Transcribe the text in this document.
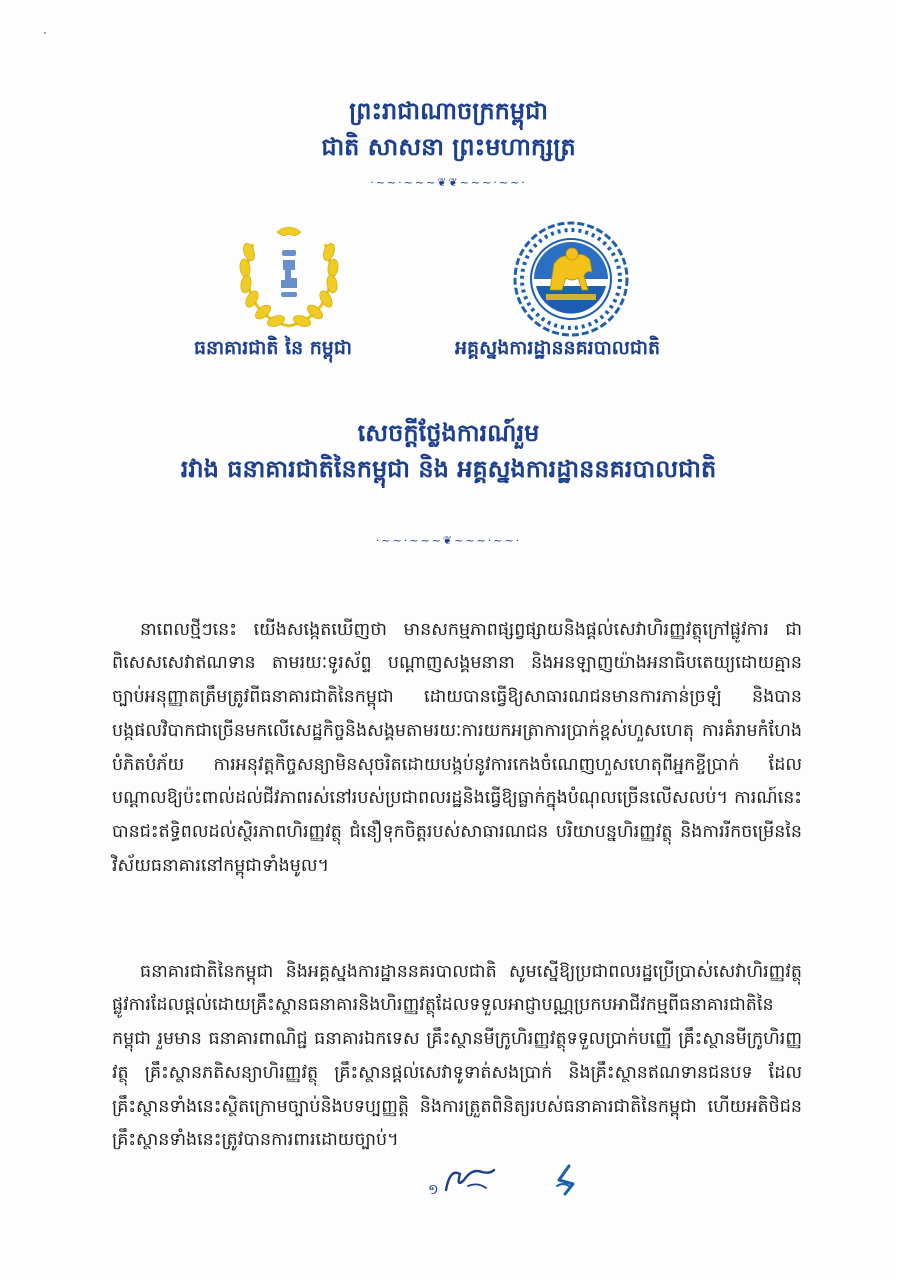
ព្រះរាជាណាចក្រកម្ពុជា
ជាតិ សាសនា ព្រះមហាក្សត្រ
·~~·~~~❦❦~~~·~~·
ធនាគារជាតិ នៃ កម្ពុជា	អគ្គស្នងការដ្ឋាននគរបាលជាតិ
សេចក្តីថ្លែងការណ៍រួម
រវាង ធនាគារជាតិនៃកម្ពុជា និង អគ្គស្នងការដ្ឋាននគរបាលជាតិ
·~~·~~~❦~~~·~~·

នាពេលថ្មីៗនេះ យើងសង្កេតឃើញថា មានសកម្មភាពផ្សព្វផ្សាយនិងផ្តល់សេវាហិរញ្ញវត្ថុក្រៅផ្លូវការ ជាពិសេសសេវាឥណទាន តាមរយៈទូរស័ព្ទ បណ្តាញសង្គមនានា និងអនឡាញយ៉ាងអនាធិបតេយ្យដោយគ្មានច្បាប់អនុញ្ញាតត្រឹមត្រូវពីធនាគារជាតិនៃកម្ពុជា ដោយបានធ្វើឱ្យសាធារណជនមានការភាន់ច្រឡំ និងបានបង្កផលវិបាកជាច្រើនមកលើសេដ្ឋកិច្ចនិងសង្គមតាមរយៈការយកអត្រាការប្រាក់ខ្ពស់ហួសហេតុ ការគំរាមកំហែងបំភិតបំភ័យ ការអនុវត្តកិច្ចសន្យាមិនសុចរិតដោយបង្កប់នូវការកេងចំណេញហួសហេតុពីអ្នកខ្ចីប្រាក់ ដែលបណ្តាលឱ្យប៉ះពាល់ដល់ជីវភាពរស់នៅរបស់ប្រជាពលរដ្ឋនិងធ្វើឱ្យធ្លាក់ក្នុងបំណុលច្រើនលើសលប់។ ការណ៍នេះបានជះឥទ្ធិពលដល់ស្ថិរភាពហិរញ្ញវត្ថុ ជំនឿទុកចិត្តរបស់សាធារណជន បរិយាបន្នហិរញ្ញវត្ថុ និងការរីកចម្រើននៃវិស័យធនាគារនៅកម្ពុជាទាំងមូល។

ធនាគារជាតិនៃកម្ពុជា និងអគ្គស្នងការដ្ឋាននគរបាលជាតិ សូមស្នើឱ្យប្រជាពលរដ្ឋប្រើប្រាស់សេវាហិរញ្ញវត្ថុផ្លូវការដែលផ្តល់ដោយគ្រឹះស្ថានធនាគារនិងហិរញ្ញវត្ថុដែលទទួលអាជ្ញាបណ្ណប្រកបអាជីវកម្មពីធនាគារជាតិនៃកម្ពុជា រួមមាន ធនាគារពាណិជ្ជ ធនាគារឯកទេស គ្រឹះស្ថានមីក្រូហិរញ្ញវត្ថុទទួលប្រាក់បញ្ញើ គ្រឹះស្ថានមីក្រូហិរញ្ញវត្ថុ គ្រឹះស្ថានភតិសន្យាហិរញ្ញវត្ថុ គ្រឹះស្ថានផ្តល់សេវាទូទាត់សងប្រាក់ និងគ្រឹះស្ថានឥណទានជនបទ ដែលគ្រឹះស្ថានទាំងនេះស្ថិតក្រោមច្បាប់និងបទប្បញ្ញត្តិ និងការត្រួតពិនិត្យរបស់ធនាគារជាតិនៃកម្ពុជា ហើយអតិថិជនគ្រឹះស្ថានទាំងនេះត្រូវបានការពារដោយច្បាប់។

១
